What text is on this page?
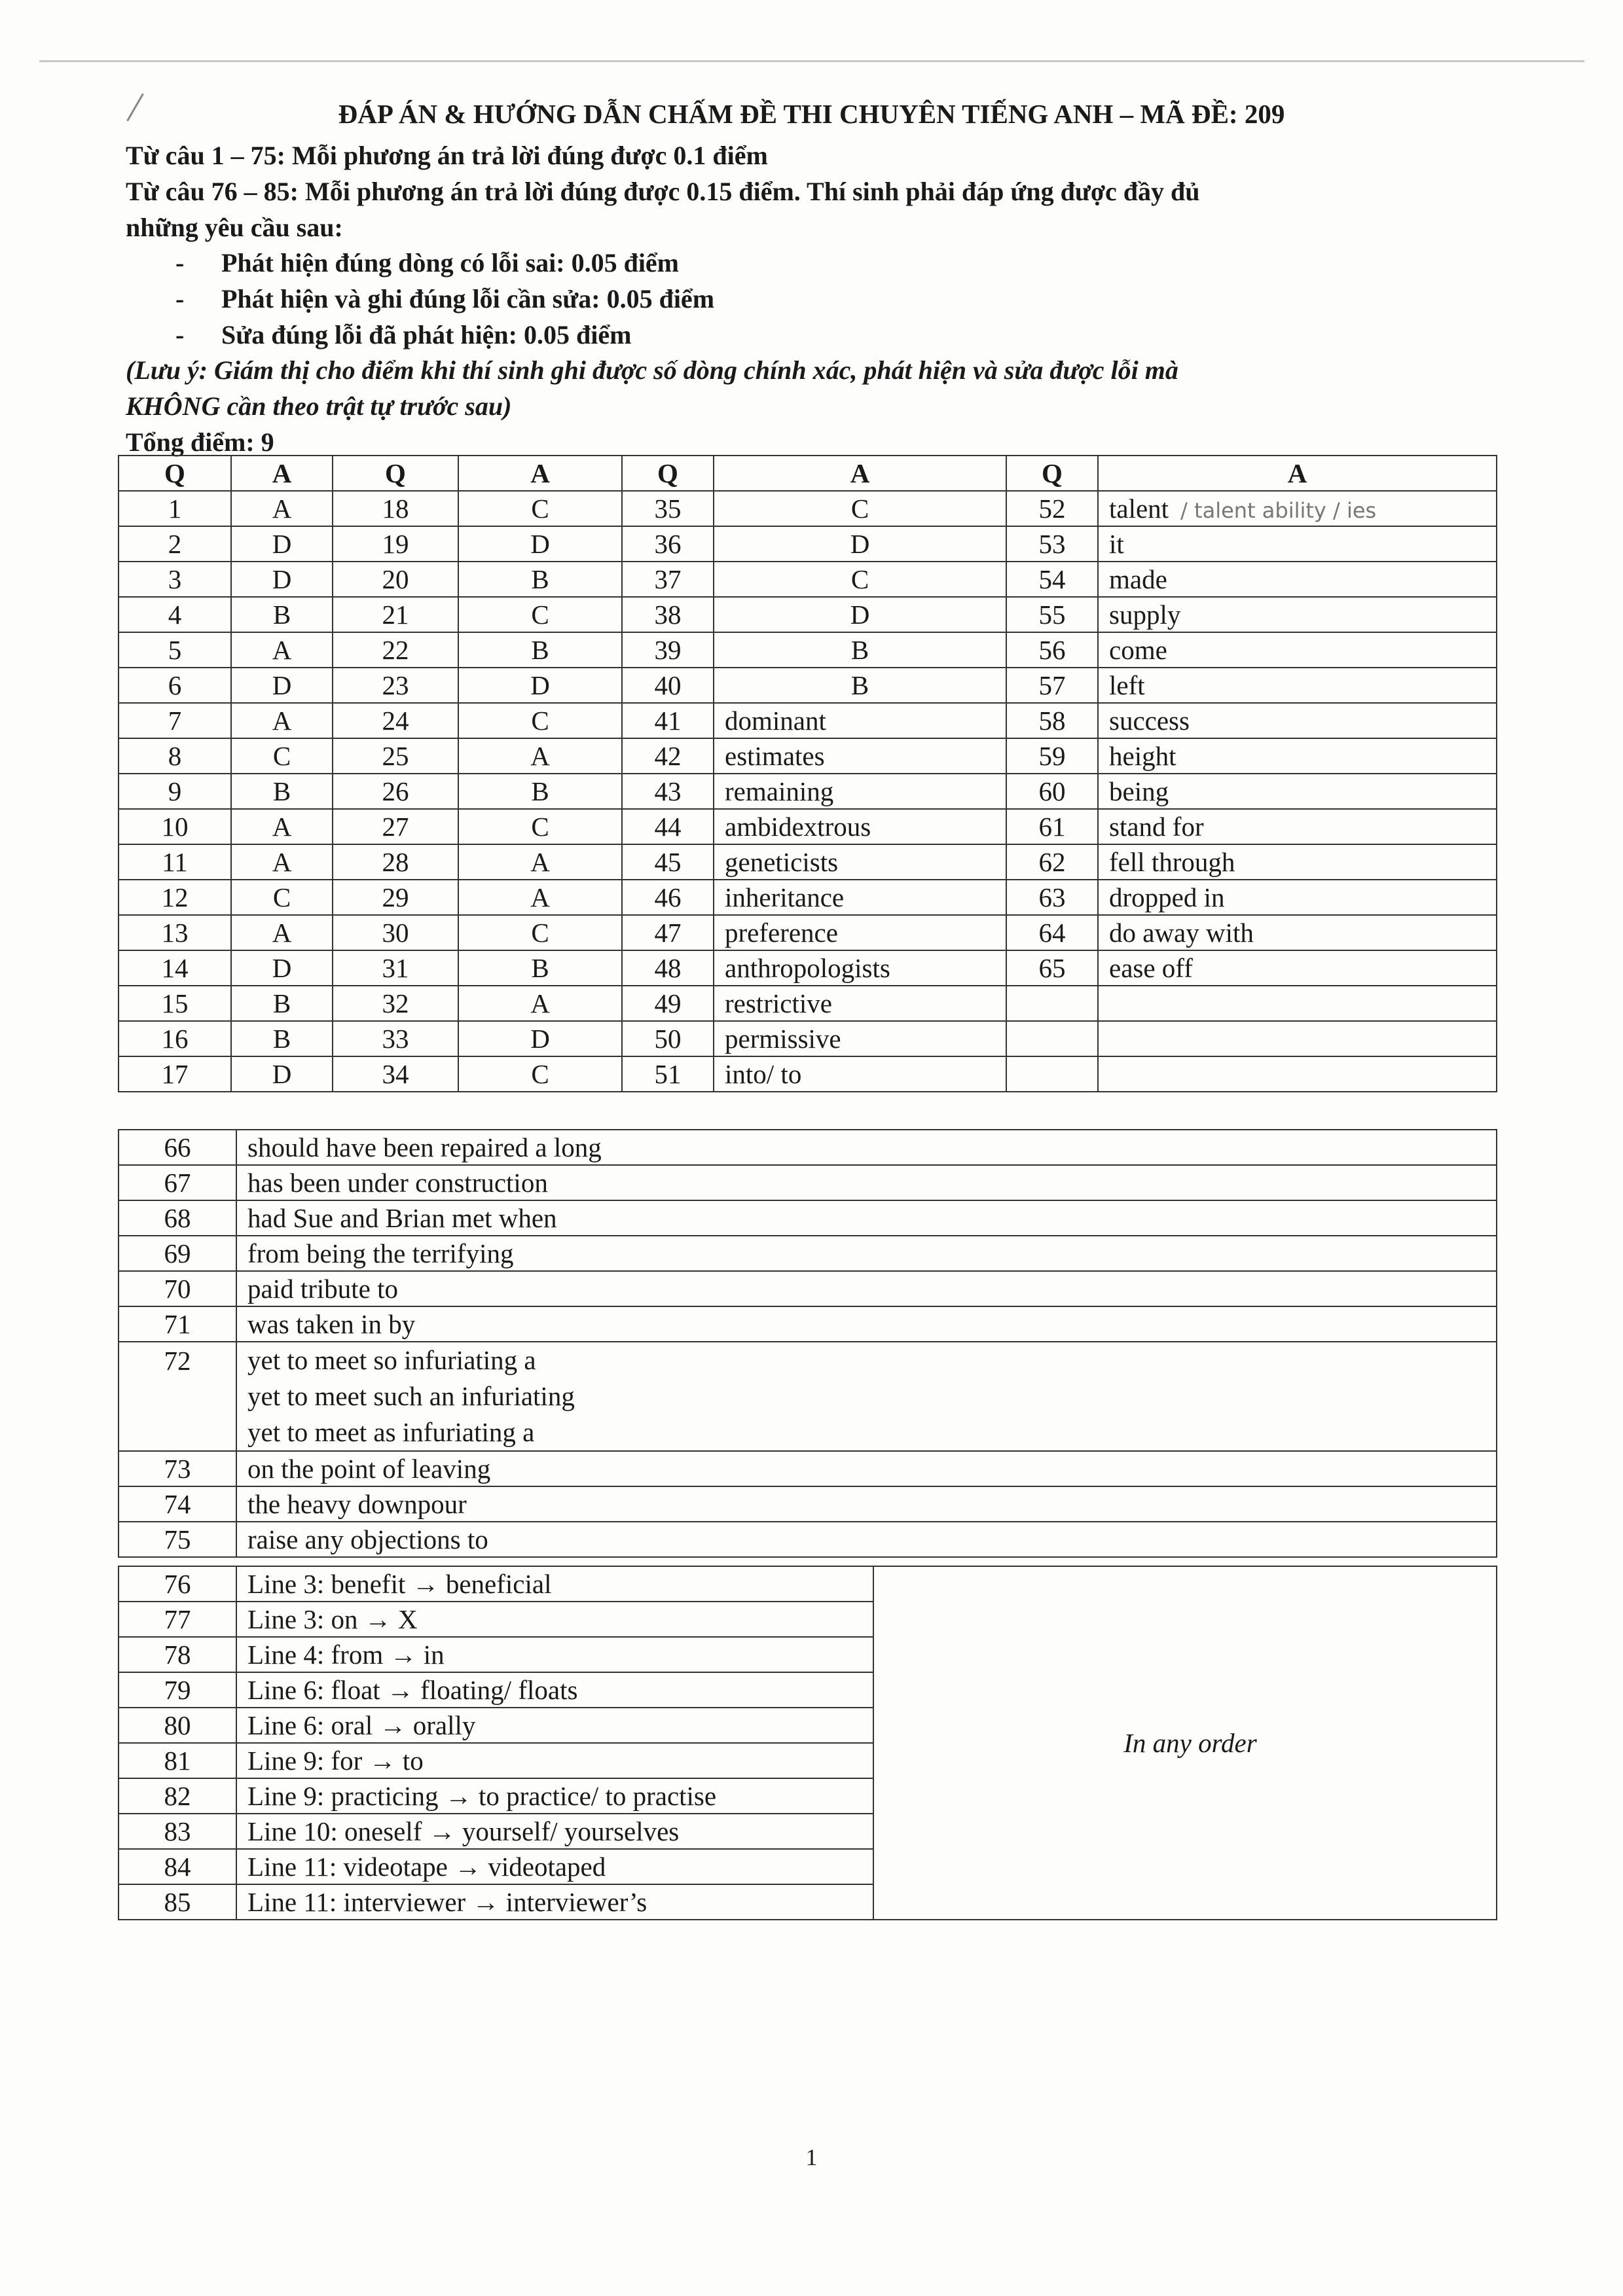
ĐÁP ÁN & HƯỚNG DẪN CHẤM ĐỀ THI CHUYÊN TIẾNG ANH – MÃ ĐỀ: 209
Từ câu 1 – 75: Mỗi phương án trả lời đúng được 0.1 điểm
Từ câu 76 – 85: Mỗi phương án trả lời đúng được 0.15 điểm. Thí sinh phải đáp ứng được đầy đủ
những yêu cầu sau:
- Phát hiện đúng dòng có lỗi sai: 0.05 điểm
- Phát hiện và ghi đúng lỗi cần sửa: 0.05 điểm
- Sửa đúng lỗi đã phát hiện: 0.05 điểm
(Lưu ý: Giám thị cho điểm khi thí sinh ghi được số dòng chính xác, phát hiện và sửa được lỗi mà
KHÔNG cần theo trật tự trước sau)
Tổng điểm: 9
Q	A	Q	A	Q	A	Q	A
1	A	18	C	35	C	52	talent / talent ability / ies
2	D	19	D	36	D	53	it
3	D	20	B	37	C	54	made
4	B	21	C	38	D	55	supply
5	A	22	B	39	B	56	come
6	D	23	D	40	B	57	left
7	A	24	C	41	dominant	58	success
8	C	25	A	42	estimates	59	height
9	B	26	B	43	remaining	60	being
10	A	27	C	44	ambidextrous	61	stand for
11	A	28	A	45	geneticists	62	fell through
12	C	29	A	46	inheritance	63	dropped in
13	A	30	C	47	preference	64	do away with
14	D	31	B	48	anthropologists	65	ease off
15	B	32	A	49	restrictive		
16	B	33	D	50	permissive		
17	D	34	C	51	into/ to		
66	should have been repaired a long
67	has been under construction
68	had Sue and Brian met when
69	from being the terrifying
70	paid tribute to
71	was taken in by
72	yet to meet so infuriating a
yet to meet such an infuriating
yet to meet as infuriating a

73	on the point of leaving
74	the heavy downpour
75	raise any objections to
76	Line 3: benefit → beneficial	In any order
77	Line 3: on → X	
78	Line 4: from → in	
79	Line 6: float → floating/ floats	
80	Line 6: oral → orally	
81	Line 9: for → to	
82	Line 9: practicing → to practice/ to practise	
83	Line 10: oneself → yourself/ yourselves	
84	Line 11: videotape → videotaped	
85	Line 11: interviewer → interviewer’s	
1
